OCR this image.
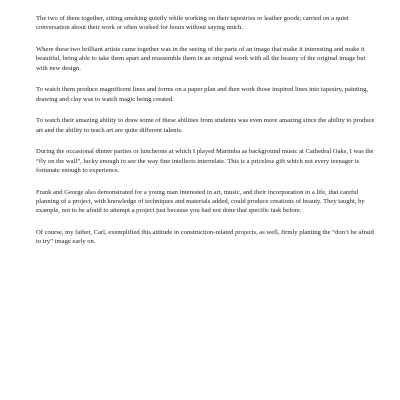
The two of them together, sitting smoking quietly while working on their tapestries or leather goods; carried on a quiet conversation about their work or often worked for hours without saying much.

Where these two brilliant artists came together was in the seeing of the parts of an image that make it interesting and make it beautiful, being able to take them apart and reassemble them in an original work with all the beauty of the original image but with new design.

To watch them produce magnificent lines and forms on a paper plan and then work those inspired lines into tapestry, painting, drawing and clay was to watch magic being created.

To watch their amazing ability to draw some of these abilities from students was even more amazing since the ability to produce art and the ability to teach art are quite different talents.

During the occasional dinner parties or luncheons at which I played Marimba as background music at Cathedral Oaks, I was the “fly on the wall”, lucky enough to see the way fine intellects interrelate. This is a priceless gift which not every teenager is fortunate enough to experience.

Frank and George also demonstrated for a young man interested in art, music, and their incorporation in a life, that careful planning of a project, with knowledge of techniques and materials added, could produce creations of beauty. They taught, by example, not to be afraid to attempt a project just because you had not done that specific task before.

Of course, my father, Carl, exemplified this attitude in construction-related projects, as well, firmly planting the “don’t be afraid to try” image early on.
